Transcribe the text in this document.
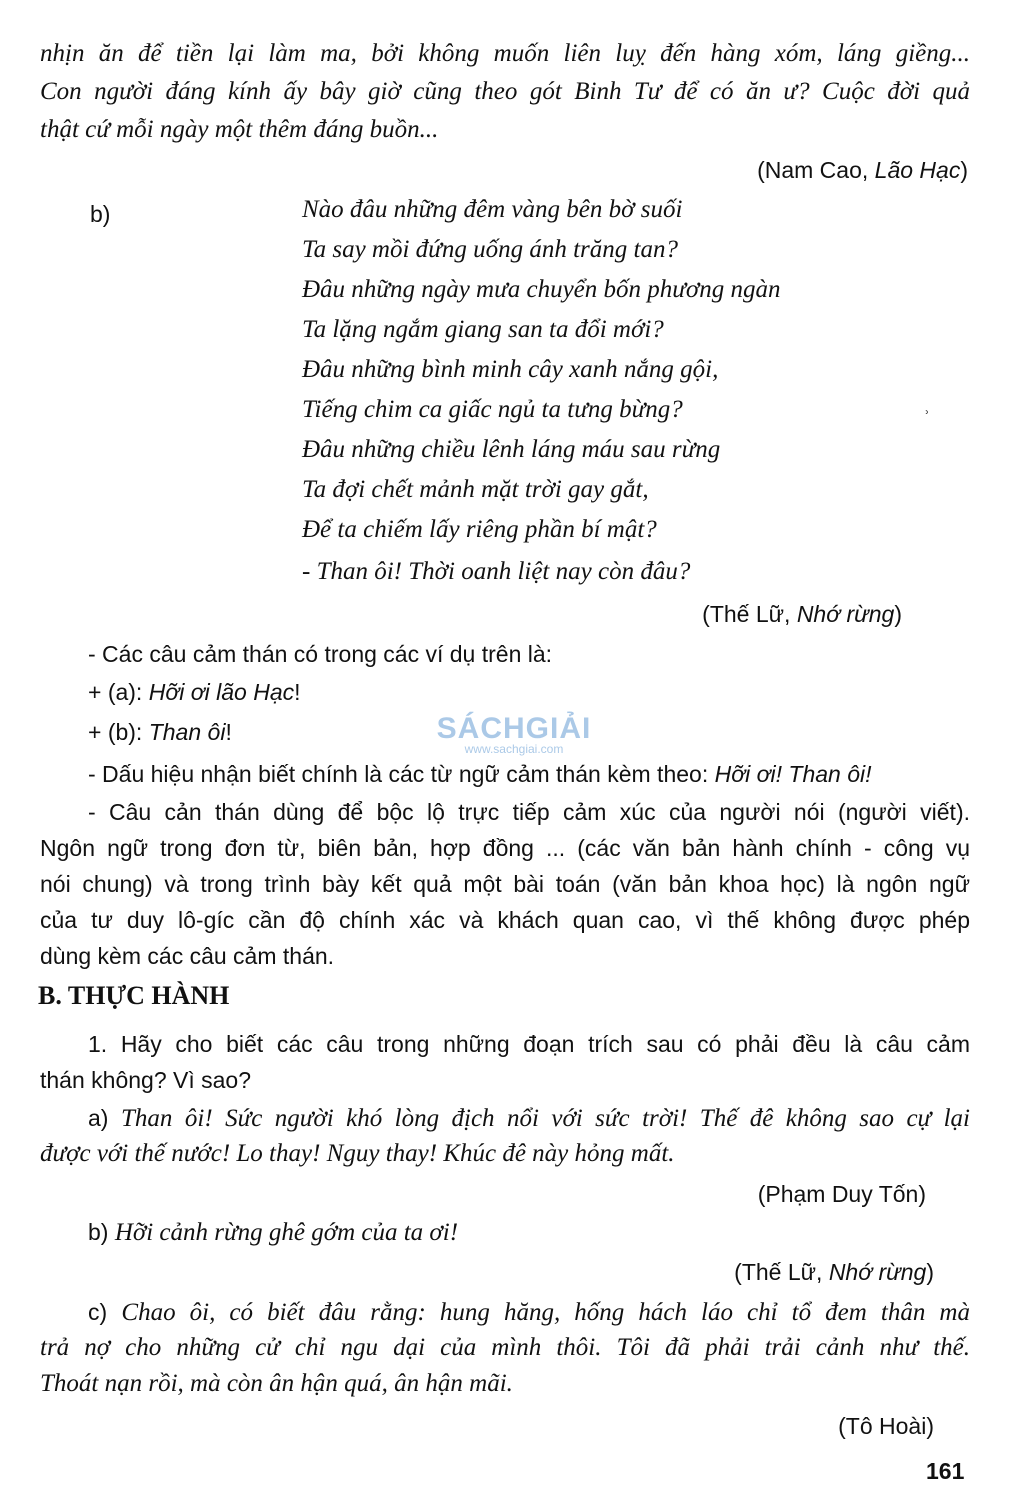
nhịn ăn để tiền lại làm ma, bởi không muốn liên luỵ đến hàng xóm, láng giềng...
Con người đáng kính ấy bây giờ cũng theo gót Binh Tư để có ăn ư? Cuộc đời quả
thật cứ mỗi ngày một thêm đáng buồn...
(Nam Cao, Lão Hạc)
b)	Nào đâu những đêm vàng bên bờ suối
Ta say mồi đứng uống ánh trăng tan?
Đâu những ngày mưa chuyển bốn phương ngàn
Ta lặng ngắm giang san ta đổi mới?
Đâu những bình minh cây xanh nắng gội,
Tiếng chim ca giấc ngủ ta tưng bừng?
Đâu những chiều lênh láng máu sau rừng
Ta đợi chết mảnh mặt trời gay gắt,
Để ta chiếm lấy riêng phần bí mật?
- Than ôi! Thời oanh liệt nay còn đâu?
⸒
(Thế Lữ, Nhớ rừng)
- Các câu cảm thán có trong các ví dụ trên là:
+ (a): Hỡi ơi lão Hạc!
+ (b): Than ôi!	SÁCHGIẢI
www.sachgiai.com
- Dấu hiệu nhận biết chính là các từ ngữ cảm thán kèm theo: Hỡi ơi! Than ôi!
- Câu cản thán dùng để bộc lộ trực tiếp cảm xúc của người nói (người viết).
Ngôn ngữ trong đơn từ, biên bản, hợp đồng ... (các văn bản hành chính - công vụ
nói chung) và trong trình bày kết quả một bài toán (văn bản khoa học) là ngôn ngữ
của tư duy lô-gíc cần độ chính xác và khách quan cao, vì thế không được phép
dùng kèm các câu cảm thán.
B. THỰC HÀNH
1. Hãy cho biết các câu trong những đoạn trích sau có phải đều là câu cảm
thán không? Vì sao?
a) Than ôi! Sức người khó lòng địch nổi với sức trời! Thế đê không sao cự lại
được với thế nước! Lo thay! Nguy thay! Khúc đê này hỏng mất.
(Phạm Duy Tốn)
b) Hỡi cảnh rừng ghê gớm của ta ơi!
(Thế Lữ, Nhớ rừng)
c) Chao ôi, có biết đâu rằng: hung hăng, hống hách láo chỉ tổ đem thân mà
trả nợ cho những cử chỉ ngu dại của mình thôi. Tôi đã phải trải cảnh như thế.
Thoát nạn rồi, mà còn ân hận quá, ân hận mãi.
(Tô Hoài)
161
